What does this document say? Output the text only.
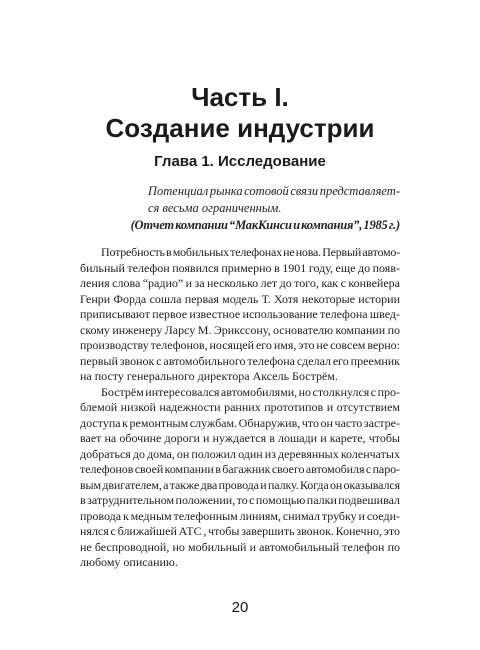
Часть I.
Создание индустрии
Глава 1. Исследование
Потенциал рынка сотовой связи представляет-
ся весьма ограниченным.
(Отчет компании “МакКинси и компания”, 1985 г.)
Потребность в мобильных телефонах не нова. Первый автомо-
бильный телефон появился примерно в 1901 году, еще до появ-
ления слова “радио” и за несколько лет до того, как с конвейера
Генри Форда сошла первая модель Т. Хотя некоторые истории
приписывают первое известное использование телефона швед-
скому инженеру Ларсу М. Эрикссону, основателю компании по
производству телефонов, носящей его имя, это не совсем верно:
первый звонок с автомобильного телефона сделал его преемник
на посту генерального директора Аксель Бострём.
Бострём интересовался автомобилями, но столкнулся с про-
блемой низкой надежности ранних прототипов и отсутствием
доступа к ремонтным службам. Обнаружив, что он часто застре-
вает на обочине дороги и нуждается в лошади и карете, чтобы
добраться до дома, он положил один из деревянных коленчатых
телефонов своей компании в багажник своего автомобиля с паро-
вым двигателем, а также два провода и палку. Когда он оказывался
в затруднительном положении, то с помощью палки подвешивал
провода к медным телефонным линиям, снимал трубку и соеди-
нялся с ближайшей АТС , чтобы завершить звонок. Конечно, это
не беспроводной, но мобильный и автомобильный телефон по
любому описанию.
20
